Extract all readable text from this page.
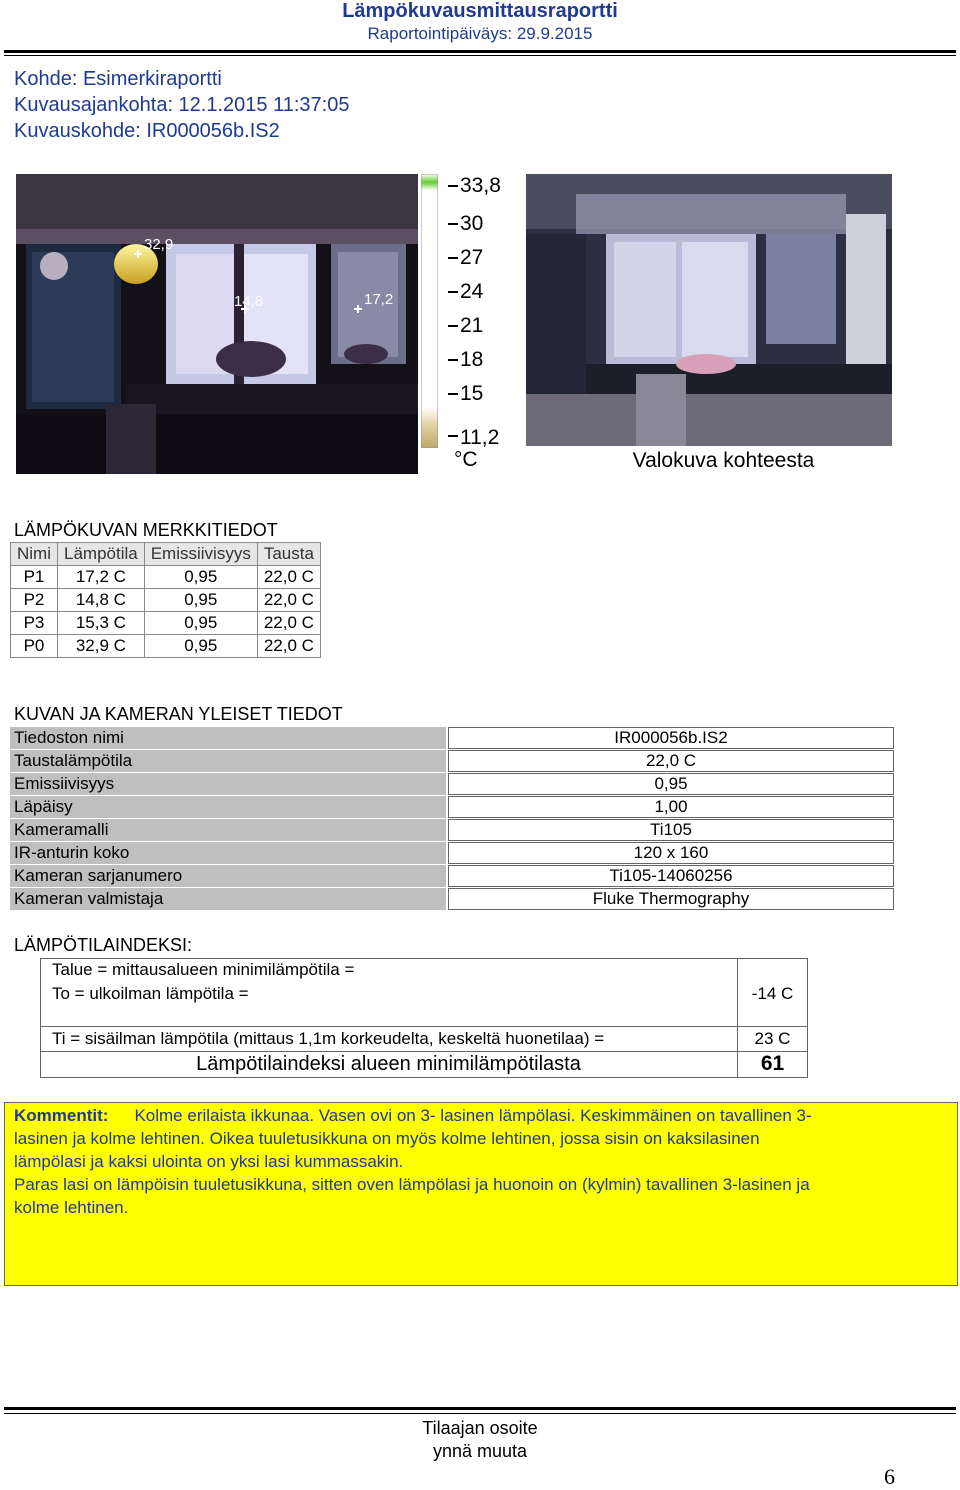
Lämpökuvausmittausraportti
Raportointipäiväys: 29.9.2015
Kohde: Esimerkiraportti
Kuvausajankohta: 12.1.2015 11:37:05
Kuvauskohde: IR000056b.IS2
32,9
14,8	17,2
33,8
30
27
24
21
18
15
11,2
°C	Valokuva kohteesta
LÄMPÖKUVAN MERKKITIEDOT
Nimi	Lämpötila	Emissiivisyys	Tausta
P1	17,2 C	0,95	22,0 C
P2	14,8 C	0,95	22,0 C
P3	15,3 C	0,95	22,0 C
P0	32,9 C	0,95	22,0 C
KUVAN JA KAMERAN YLEISET TIEDOT
Tiedoston nimi	IR000056b.IS2
Taustalämpötila	22,0 C
Emissiivisyys	0,95
Läpäisy	1,00
Kameramalli	Ti105
IR-anturin koko	120 x 160
Kameran sarjanumero	Ti105-14060256
Kameran valmistaja	Fluke Thermography
LÄMPÖTILAINDEKSI:
Talue = mittausalueen minimilämpötila =
To = ulkoilman lämpötila =	-14 C
Ti = sisäilman lämpötila (mittaus 1,1m korkeudelta, keskeltä huonetilaa) =	23 C
Lämpötilaindeksi alueen minimilämpötilasta	61
Kommentit: Kolme erilaista ikkunaa. Vasen ovi on 3- lasinen lämpölasi. Keskimmäinen on tavallinen 3-
lasinen ja kolme lehtinen. Oikea tuuletusikkuna on myös kolme lehtinen, jossa sisin on kaksilasinen
lämpölasi ja kaksi ulointa on yksi lasi kummassakin.
Paras lasi on lämpöisin tuuletusikkuna, sitten oven lämpölasi ja huonoin on (kylmin) tavallinen 3-lasinen ja
kolme lehtinen.
Tilaajan osoite
ynnä muuta
6
